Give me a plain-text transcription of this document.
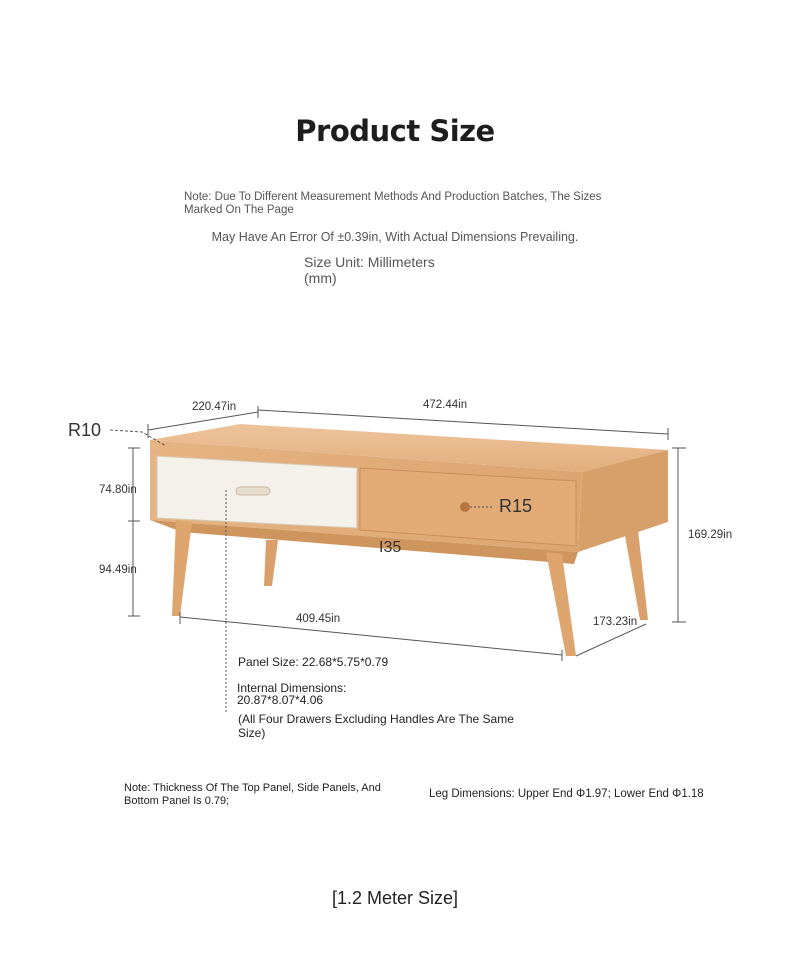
Product Size
Note: Due To Different Measurement Methods And Production Batches, The Sizes Marked On The Page
May Have An Error Of ±0.39in, With Actual Dimensions Prevailing.
Size Unit: Millimeters
(mm)
220.47in	472.44in
R10
74.80in
94.49in
169.29in
409.45in	173.23in
R15
I35
Panel Size: 22.68*5.75*0.79
Internal Dimensions:
20.87*8.07*4.06
(All Four Drawers Excluding Handles Are The Same Size)
Note: Thickness Of The Top Panel, Side Panels, And Bottom Panel Is 0.79;
Leg Dimensions: Upper End Φ1.97; Lower End Φ1.18
[1.2 Meter Size]
